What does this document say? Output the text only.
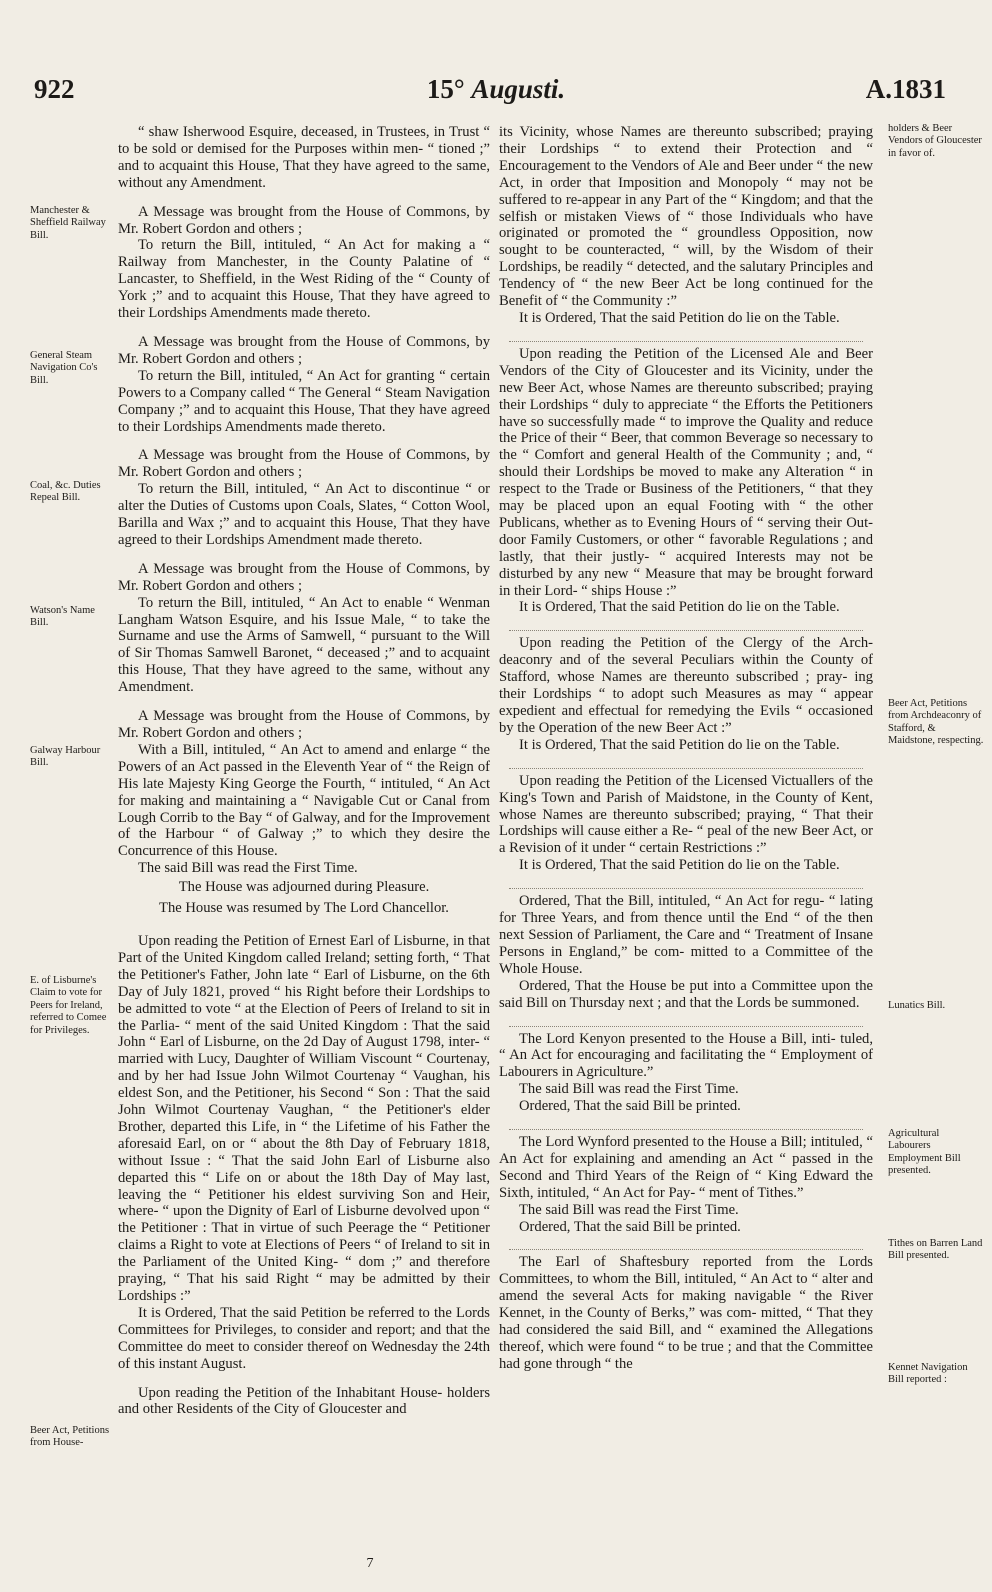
922	15° Augusti.	A.1831
Manchester & Sheffield Railway Bill.
General Steam Navigation Co's Bill.
Coal, &c. Duties Repeal Bill.
Watson's Name Bill.
Galway Harbour Bill.
E. of Lisburne's Claim to vote for Peers for Ireland, referred to Comee for Privileges.
Beer Act, Petitions from House-
holders & Beer Vendors of Gloucester in favor of.
Beer Act, Petitions from Archdeaconry of Stafford, & Maidstone, respecting.
Lunatics Bill.
Agricultural Labourers Employment Bill presented.
Tithes on Barren Land Bill presented.
Kennet Navigation Bill reported :

“ shaw Isherwood Esquire, deceased, in Trustees, in Trust “ to be sold or demised for the Purposes within men- “ tioned ;” and to acquaint this House, That they have agreed to the same, without any Amendment.

A Message was brought from the House of Commons, by Mr. Robert Gordon and others ;

To return the Bill, intituled, “ An Act for making a “ Railway from Manchester, in the County Palatine of “ Lancaster, to Sheffield, in the West Riding of the “ County of York ;” and to acquaint this House, That they have agreed to their Lordships Amendments made thereto.

A Message was brought from the House of Commons, by Mr. Robert Gordon and others ;

To return the Bill, intituled, “ An Act for granting “ certain Powers to a Company called “ The General “ Steam Navigation Company ;” and to acquaint this House, That they have agreed to their Lordships Amendments made thereto.

A Message was brought from the House of Commons, by Mr. Robert Gordon and others ;

To return the Bill, intituled, “ An Act to discontinue “ or alter the Duties of Customs upon Coals, Slates, “ Cotton Wool, Barilla and Wax ;” and to acquaint this House, That they have agreed to their Lordships Amendment made thereto.

A Message was brought from the House of Commons, by Mr. Robert Gordon and others ;

To return the Bill, intituled, “ An Act to enable “ Wenman Langham Watson Esquire, and his Issue Male, “ to take the Surname and use the Arms of Samwell, “ pursuant to the Will of Sir Thomas Samwell Baronet, “ deceased ;” and to acquaint this House, That they have agreed to the same, without any Amendment.

A Message was brought from the House of Commons, by Mr. Robert Gordon and others ;

With a Bill, intituled, “ An Act to amend and enlarge “ the Powers of an Act passed in the Eleventh Year of “ the Reign of His late Majesty King George the Fourth, “ intituled, “ An Act for making and maintaining a “ Navigable Cut or Canal from Lough Corrib to the Bay “ of Galway, and for the Improvement of the Harbour “ of Galway ;” to which they desire the Concurrence of this House.

The said Bill was read the First Time.

The House was adjourned during Pleasure.

The House was resumed by The Lord Chancellor.

Upon reading the Petition of Ernest Earl of Lisburne, in that Part of the United Kingdom called Ireland; setting forth, “ That the Petitioner's Father, John late “ Earl of Lisburne, on the 6th Day of July 1821, proved “ his Right before their Lordships to be admitted to vote “ at the Election of Peers of Ireland to sit in the Parlia- “ ment of the said United Kingdom : That the said John “ Earl of Lisburne, on the 2d Day of August 1798, inter- “ married with Lucy, Daughter of William Viscount “ Courtenay, and by her had Issue John Wilmot Courtenay “ Vaughan, his eldest Son, and the Petitioner, his Second “ Son : That the said John Wilmot Courtenay Vaughan, “ the Petitioner's elder Brother, departed this Life, in “ the Lifetime of his Father the aforesaid Earl, on or “ about the 8th Day of February 1818, without Issue : “ That the said John Earl of Lisburne also departed this “ Life on or about the 18th Day of May last, leaving the “ Petitioner his eldest surviving Son and Heir, where- “ upon the Dignity of Earl of Lisburne devolved upon “ the Petitioner : That in virtue of such Peerage the “ Petitioner claims a Right to vote at Elections of Peers “ of Ireland to sit in the Parliament of the United King- “ dom ;” and therefore praying, “ That his said Right “ may be admitted by their Lordships :”

It is Ordered, That the said Petition be referred to the Lords Committees for Privileges, to consider and report; and that the Committee do meet to consider thereof on Wednesday the 24th of this instant August.

Upon reading the Petition of the Inhabitant House- holders and other Residents of the City of Gloucester and

its Vicinity, whose Names are thereunto subscribed; praying their Lordships “ to extend their Protection and “ Encouragement to the Vendors of Ale and Beer under “ the new Act, in order that Imposition and Monopoly “ may not be suffered to re-appear in any Part of the “ Kingdom; and that the selfish or mistaken Views of “ those Individuals who have originated or promoted the “ groundless Opposition, now sought to be counteracted, “ will, by the Wisdom of their Lordships, be readily “ detected, and the salutary Principles and Tendency of “ the new Beer Act be long continued for the Benefit of “ the Community :”

It is Ordered, That the said Petition do lie on the Table.

Upon reading the Petition of the Licensed Ale and Beer Vendors of the City of Gloucester and its Vicinity, under the new Beer Act, whose Names are thereunto subscribed; praying their Lordships “ duly to appreciate “ the Efforts the Petitioners have so successfully made “ to improve the Quality and reduce the Price of their “ Beer, that common Beverage so necessary to the “ Comfort and general Health of the Community ; and, “ should their Lordships be moved to make any Alteration “ in respect to the Trade or Business of the Petitioners, “ that they may be placed upon an equal Footing with “ the other Publicans, whether as to Evening Hours of “ serving their Out-door Family Customers, or other “ favorable Regulations ; and lastly, that their justly- “ acquired Interests may not be disturbed by any new “ Measure that may be brought forward in their Lord- “ ships House :”

It is Ordered, That the said Petition do lie on the Table.

Upon reading the Petition of the Clergy of the Arch- deaconry and of the several Peculiars within the County of Stafford, whose Names are thereunto subscribed ; pray- ing their Lordships “ to adopt such Measures as may “ appear expedient and effectual for remedying the Evils “ occasioned by the Operation of the new Beer Act :”

It is Ordered, That the said Petition do lie on the Table.

Upon reading the Petition of the Licensed Victuallers of the King's Town and Parish of Maidstone, in the County of Kent, whose Names are thereunto subscribed; praying, “ That their Lordships will cause either a Re- “ peal of the new Beer Act, or a Revision of it under “ certain Restrictions :”

It is Ordered, That the said Petition do lie on the Table.

Ordered, That the Bill, intituled, “ An Act for regu- “ lating for Three Years, and from thence until the End “ of the then next Session of Parliament, the Care and “ Treatment of Insane Persons in England,” be com- mitted to a Committee of the Whole House.

Ordered, That the House be put into a Committee upon the said Bill on Thursday next ; and that the Lords be summoned.

The Lord Kenyon presented to the House a Bill, inti- tuled, “ An Act for encouraging and facilitating the “ Employment of Labourers in Agriculture.”

The said Bill was read the First Time.

Ordered, That the said Bill be printed.

The Lord Wynford presented to the House a Bill; intituled, “ An Act for explaining and amending an Act “ passed in the Second and Third Years of the Reign of “ King Edward the Sixth, intituled, “ An Act for Pay- “ ment of Tithes.”

The said Bill was read the First Time.

Ordered, That the said Bill be printed.

The Earl of Shaftesbury reported from the Lords Committees, to whom the Bill, intituled, “ An Act to “ alter and amend the several Acts for making navigable “ the River Kennet, in the County of Berks,” was com- mitted, “ That they had considered the said Bill, and “ examined the Allegations thereof, which were found “ to be true ; and that the Committee had gone through “ the

7
